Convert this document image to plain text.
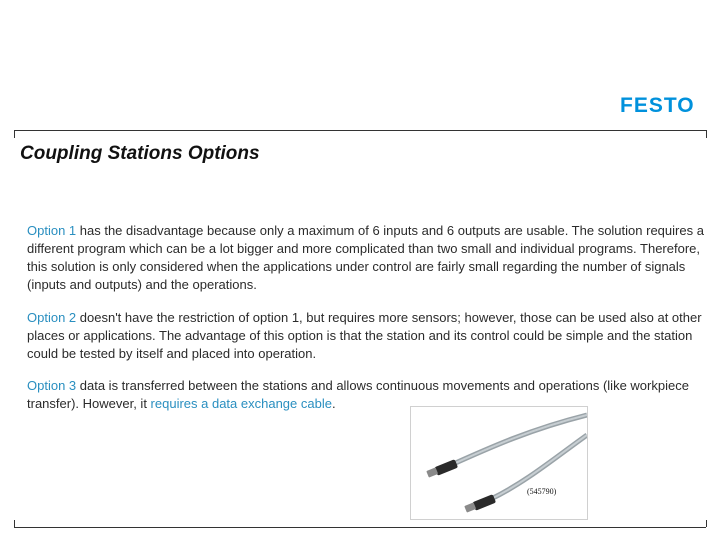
FESTO
Coupling Stations Options
Option 1 has the disadvantage because only a maximum of 6 inputs and 6 outputs are usable. The solution requires a different program which can be a lot bigger and more complicated than two small and individual programs. Therefore, this solution is only considered when the applications under control are fairly small regarding the number of signals (inputs and outputs) and the operations.
Option 2 doesn't have the restriction of option 1, but requires more sensors; however, those can be used also at other places or applications. The advantage of this option is that the station and its control could be simple and the station could be tested by itself and placed into operation.
Option 3 data is transferred between the stations and allows continuous movements and operations (like workpiece transfer). However, it requires a data exchange cable.
(545790)
